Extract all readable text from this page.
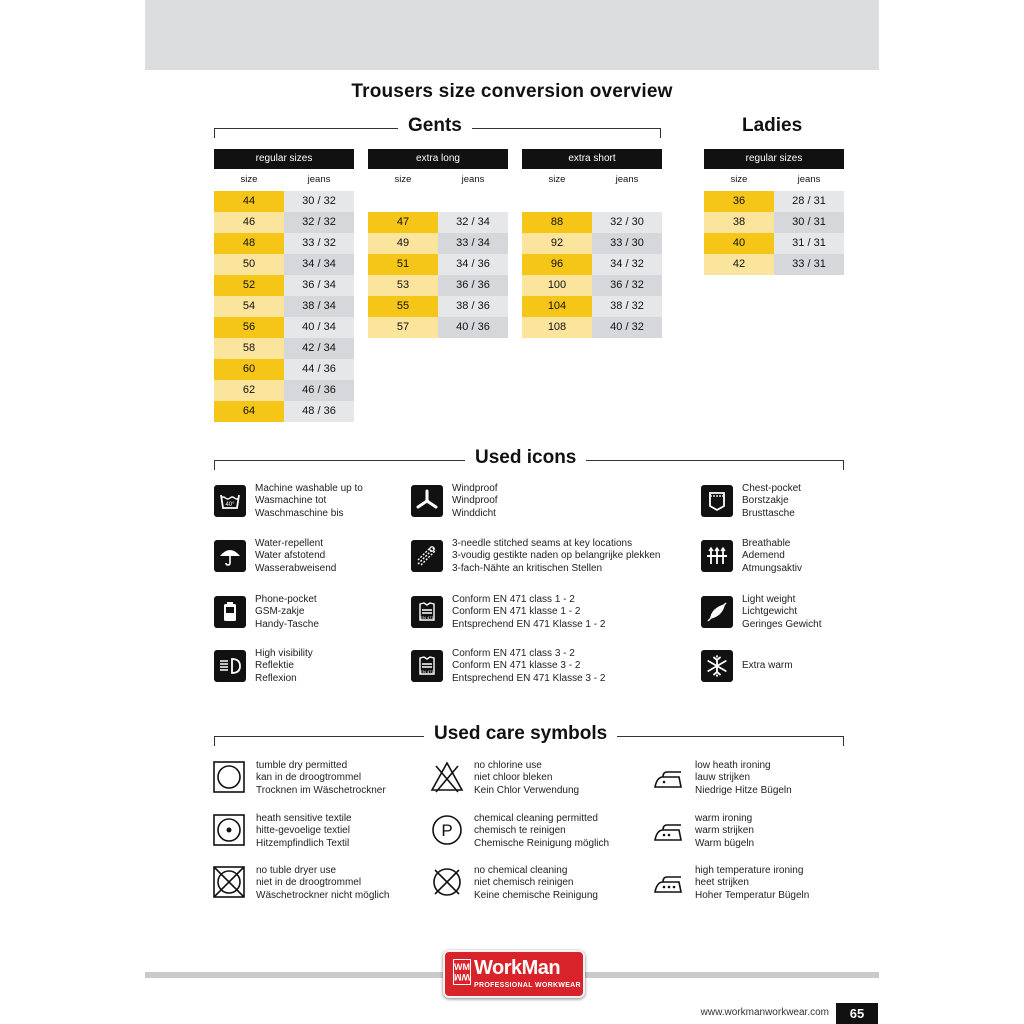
Trousers size conversion overview
Gents	Ladies
regular sizes
size	jeans
44	30 / 32
46	32 / 32
48	33 / 32
50	34 / 34
52	36 / 34
54	38 / 34
56	40 / 34
58	42 / 34
60	44 / 36
62	46 / 36
64	48 / 36
extra long
size	jeans
47	32 / 34
49	33 / 34
51	34 / 36
53	36 / 36
55	38 / 36
57	40 / 36
extra short
size	jeans
88	32 / 30
92	33 / 30
96	34 / 32
100	36 / 32
104	38 / 32
108	40 / 32
regular sizes
size	jeans
36	28 / 31
38	30 / 31
40	31 / 31
42	33 / 31
Used icons
40°
Machine washable up to
Wasmachine tot
Waschmaschine bis
Windproof
Windproof
Winddicht
Chest-pocket
Borstzakje
Brusttasche
Water-repellent
Water afstotend
Wasserabweisend
3-needle stitched seams at key locations
3-voudig gestikte naden op belangrijke plekken
3-fach-Nähte an kritischen Stellen
Breathable
Ademend
Atmungsaktiv
Phone-pocket
GSM-zakje
Handy-Tasche
EN 471
Conform EN 471 class 1 - 2
Conform EN 471 klasse 1 - 2
Entsprechend EN 471 Klasse 1 - 2
Light weight
Lichtgewicht
Geringes Gewicht
High visibility
Reflektie
Reflexion
EN 471
Conform EN 471 class 3 - 2
Conform EN 471 klasse 3 - 2
Entsprechend EN 471 Klasse 3 - 2
Extra warm
Used care symbols
tumble dry permitted
kan in de droogtrommel
Trocknen im Wäschetrockner
no chlorine use
niet chloor bleken
Kein Chlor Verwendung
low heath ironing
lauw strijken
Niedrige Hitze Bügeln
heath sensitive textile
hitte-gevoelige textiel
Hitzempfindlich Textil
P
chemical cleaning permitted
chemisch te reinigen
Chemische Reinigung möglich
warm ironing
warm strijken
Warm bügeln
no tuble dryer use
niet in de droogtrommel
Wäschetrockner nicht möglich
no chemical cleaning
niet chemisch reinigen
Keine chemische Reinigung
high temperature ironing
heet strijken
Hoher Temperatur Bügeln
WM
WM WorkMan
PROFESSIONAL WORKWEAR
www.workmanworkwear.com	65
